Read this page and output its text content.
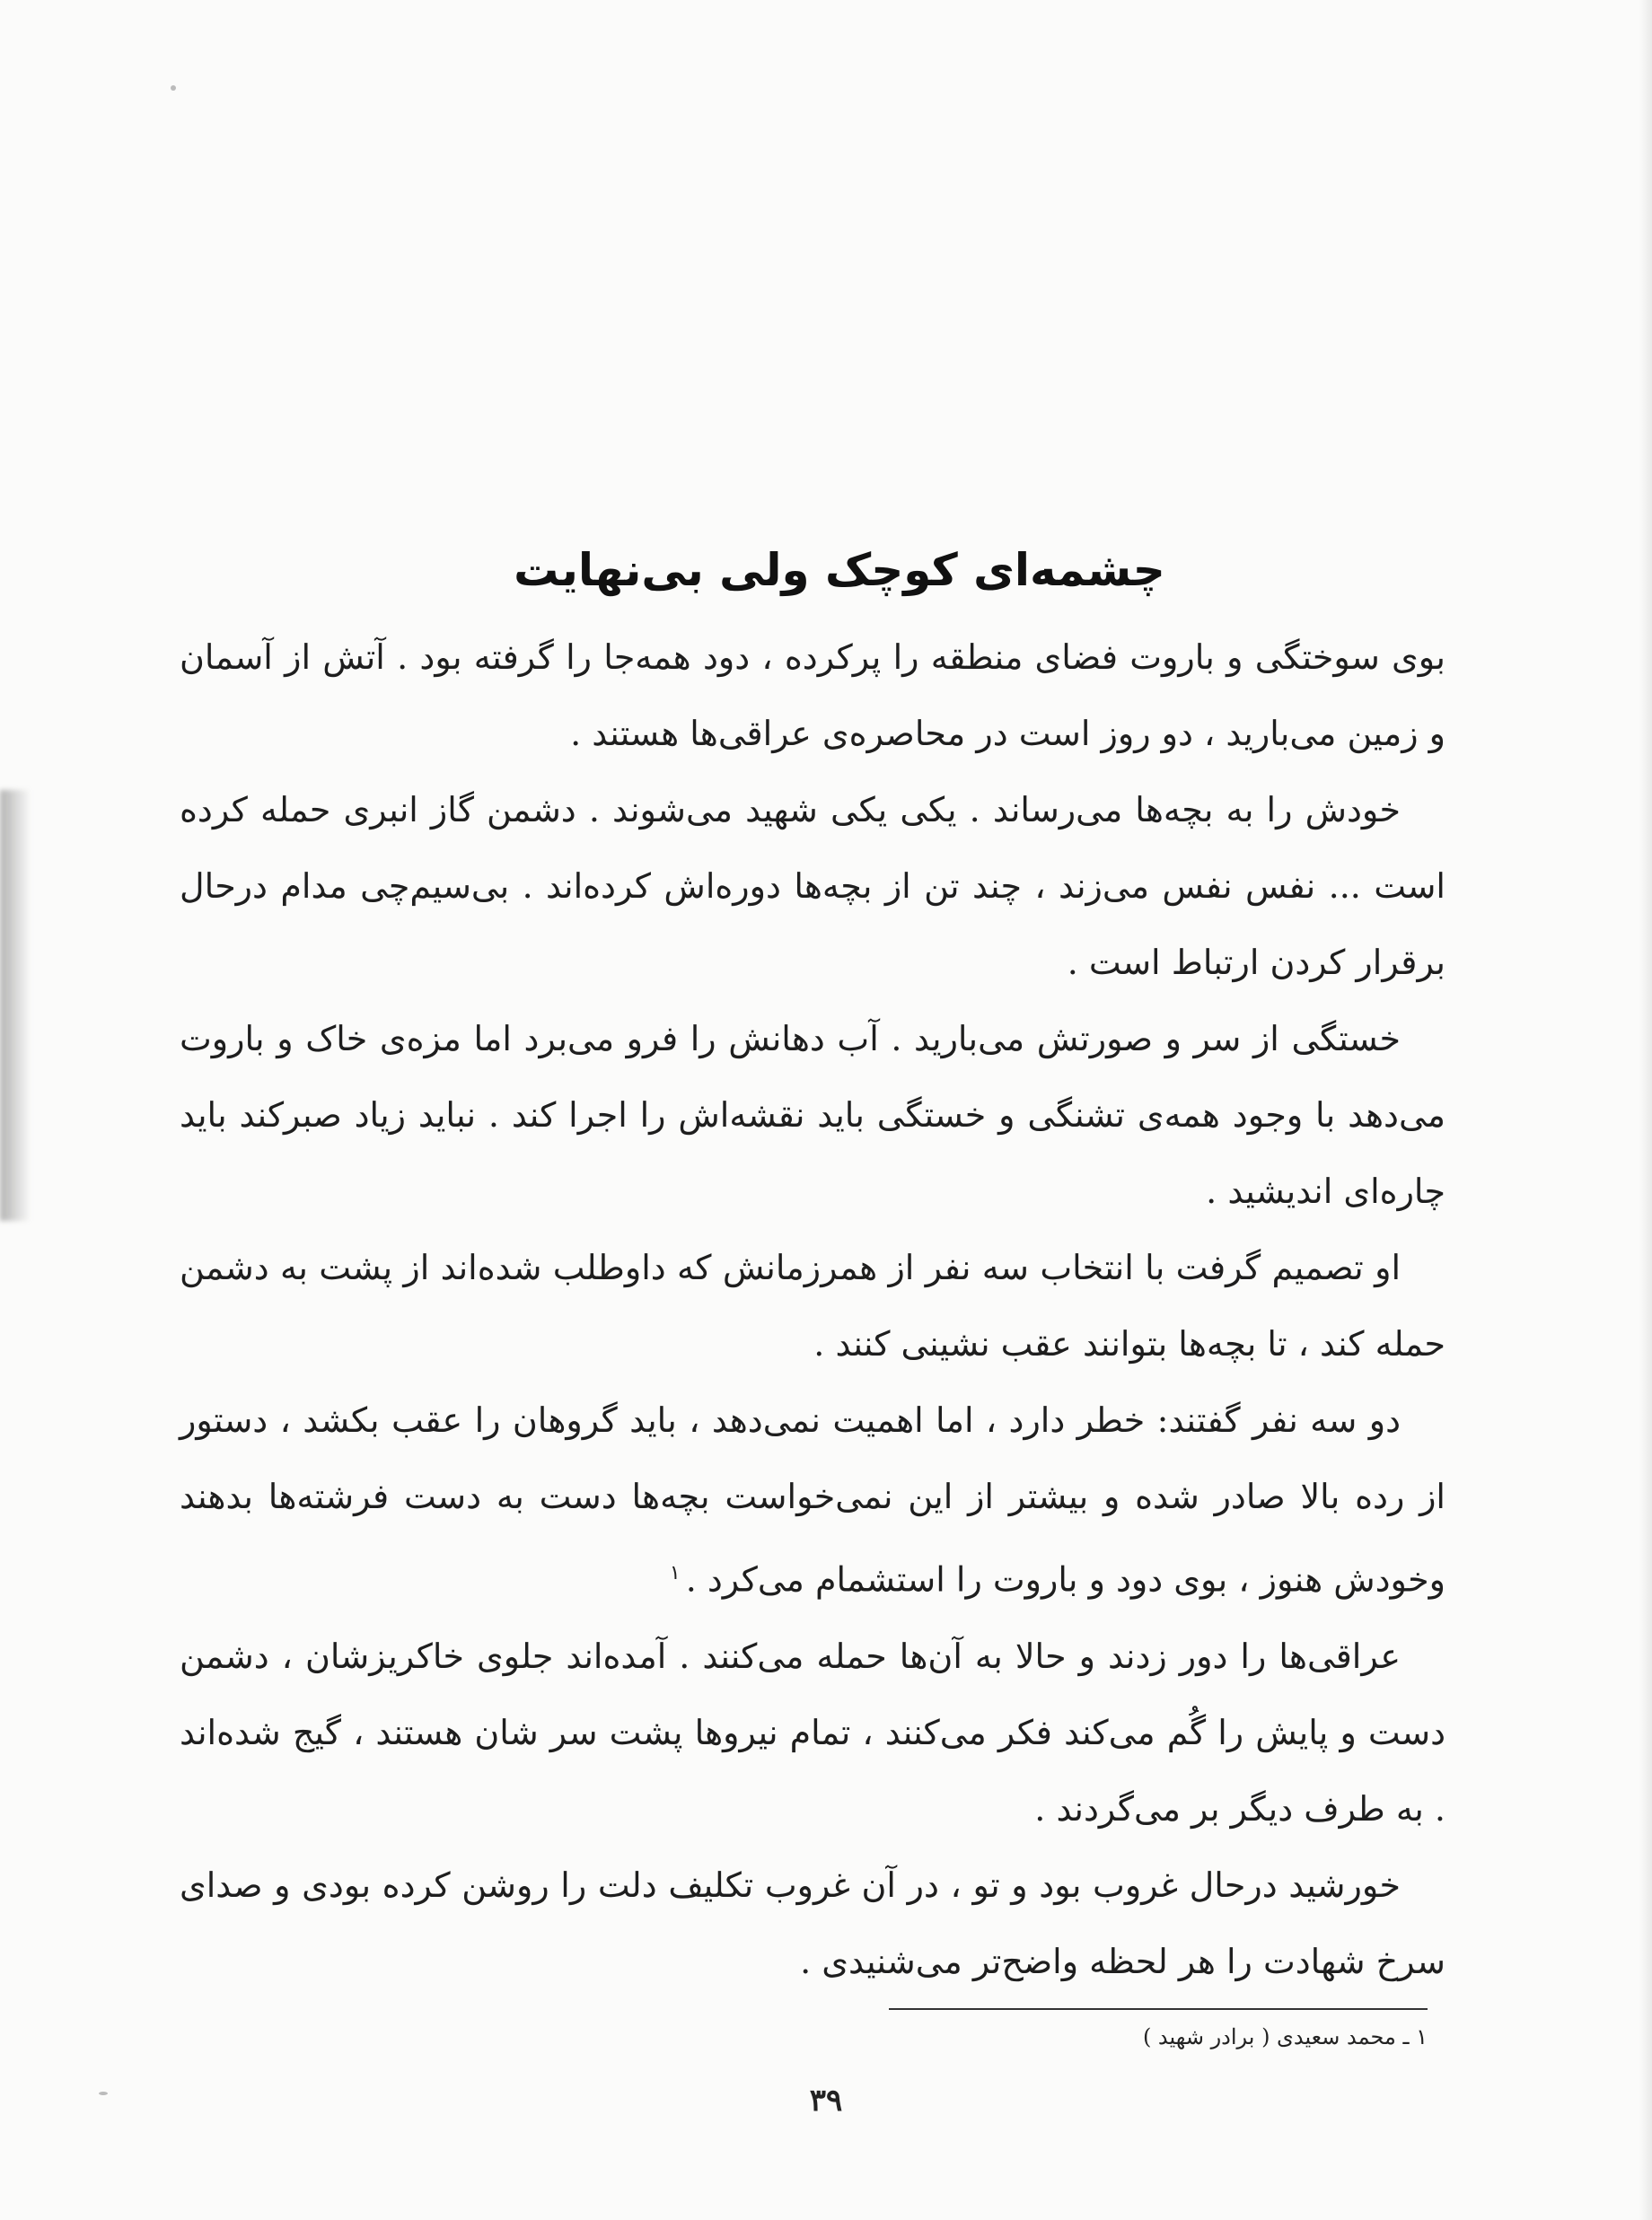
چشمه‌ای کوچک ولی بی‌نهایت

بوی سوختگی و باروت فضای منطقه را پرکرده ، دود همه‌جا را گرفته بود . آتش از آسمان و زمین می‌بارید ، دو روز است در محاصره‌ی عراقی‌ها هستند .

خودش را به بچه‌ها می‌رساند . یکی یکی شهید می‌شوند . دشمن گاز انبری حمله کرده است ... نفس نفس می‌زند ، چند تن از بچه‌ها دوره‌اش کرده‌اند . بی‌سیم‌چی مدام درحال برقرار کردن ارتباط است .

خستگی از سر و صورتش می‌بارید . آب دهانش را فرو می‌برد اما مزه‌ی خاک و باروت می‌دهد با وجود همه‌ی تشنگی و خستگی باید نقشه‌اش را اجرا کند . نباید زیاد صبرکند باید چاره‌ای اندیشید .

او تصمیم گرفت با انتخاب سه نفر از همرزمانش که داوطلب شده‌اند از پشت به دشمن حمله کند ، تا بچه‌ها بتوانند عقب نشینی کنند .

دو سه نفر گفتند: خطر دارد ، اما اهمیت نمی‌دهد ، باید گروهان را عقب بکشد ، دستور از رده بالا صادر شده و بیشتر از این نمی‌خواست بچه‌ها دست به دست فرشته‌ها بدهند وخودش هنوز ، بوی دود و باروت را استشمام می‌کرد .$^۱$

عراقی‌ها را دور زدند و حالا به آن‌ها حمله می‌کنند . آمده‌اند جلوی خاکریزشان ، دشمن دست و پایش را گُم می‌کند فکر می‌کنند ، تمام نیروها پشت سر شان هستند ، گیج شده‌اند . به طرف دیگر بر می‌گردند .

خورشید درحال غروب بود و تو ، در آن غروب تکلیف دلت را روشن کرده بودی و صدای سرخ شهادت را هر لحظه واضح‌تر می‌شنیدی .

۱ ـ محمد سعیدی ( برادر شهید )
۳۹
